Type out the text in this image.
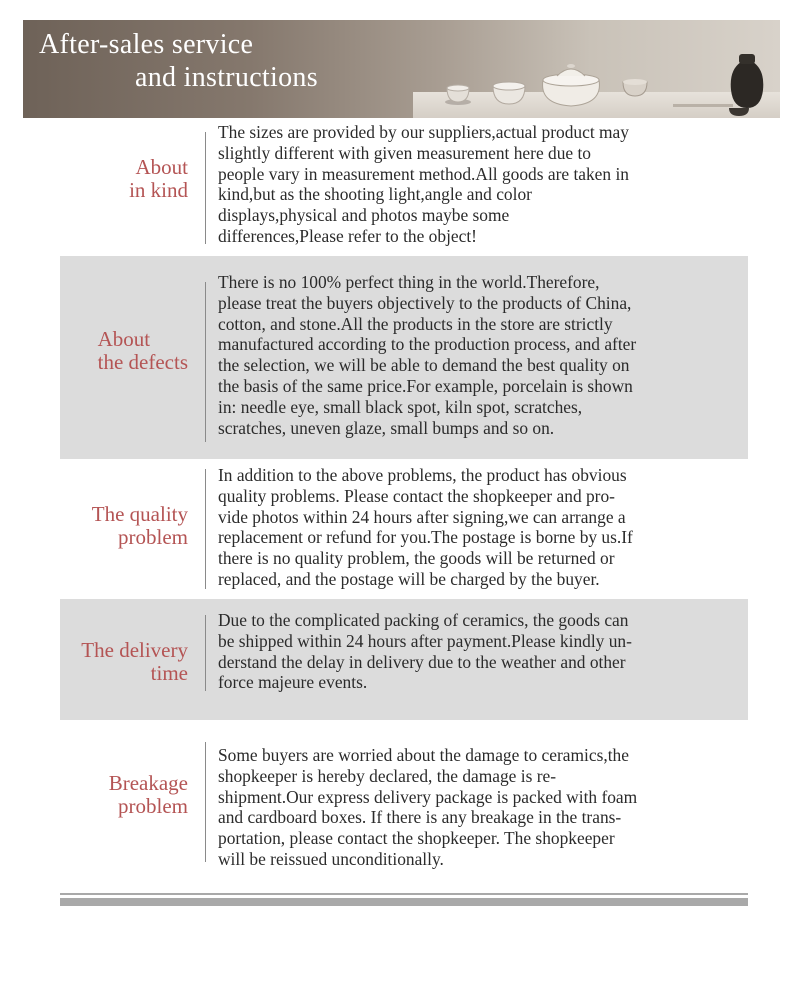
After-sales service
and instructions
About
in kind
The sizes are provided by our suppliers,actual product may
slightly different with given measurement here due to
people vary in measurement method.All goods are taken in
kind,but as the shooting light,angle and color
displays,physical and photos maybe some
differences,Please refer to the object!
About
the defects
There is no 100% perfect thing in the world.Therefore,
please treat the buyers objectively to the products of China,
cotton, and stone.All the products in the store are strictly
manufactured according to the production process, and after
the selection, we will be able to demand the best quality on
the basis of the same price.For example, porcelain is shown
in: needle eye, small black spot, kiln spot, scratches,
scratches, uneven glaze, small bumps and so on.
The quality
problem
In addition to the above problems, the product has obvious
quality problems. Please contact the shopkeeper and pro-
vide photos within 24 hours after signing,we can arrange a
replacement or refund for you.The postage is borne by us.If
there is no quality problem, the goods will be returned or
replaced, and the postage will be charged by the buyer.
The delivery
time
Due to the complicated packing of ceramics, the goods can
be shipped within 24 hours after payment.Please kindly un-
derstand the delay in delivery due to the weather and other
force majeure events.
Breakage
problem
Some buyers are worried about the damage to ceramics,the
shopkeeper is hereby declared, the damage is re-
shipment.Our express delivery package is packed with foam
and cardboard boxes. If there is any breakage in the trans-
portation, please contact the shopkeeper. The shopkeeper
will be reissued unconditionally.
